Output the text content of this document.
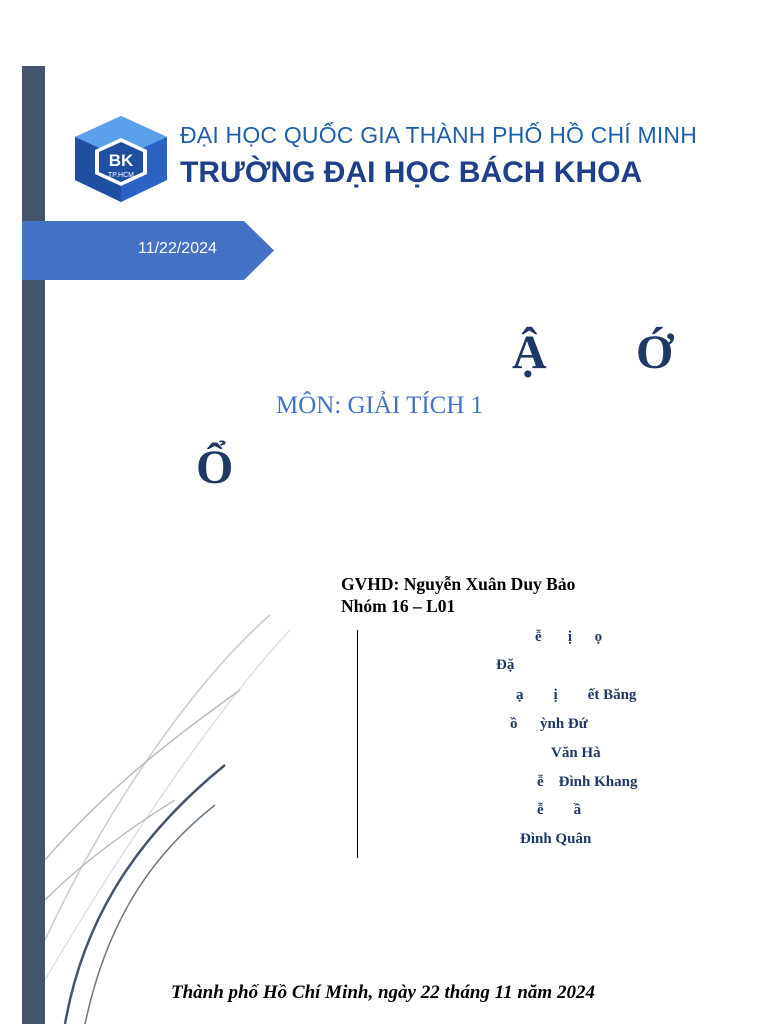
BK
TP.HCM
ĐẠI HỌC QUỐC GIA THÀNH PHỐ HỒ CHÍ MINH
TRƯỜNG ĐẠI HỌC BÁCH KHOA
11/22/2024
Ậ Ớ
MÔN: GIẢI TÍCH 1
Ổ
GVHD: Nguyễn Xuân Duy Bảo
Nhóm 16 – L01
ễ       ị      ọ
Đặ
ạ        ị        ết Băng
ồ      ỳnh Đứ
Văn Hà
ễ    Đình Khang
ễ        ầ
Đình Quân
Thành phố Hồ Chí Minh, ngày 22 tháng 11 năm 2024
